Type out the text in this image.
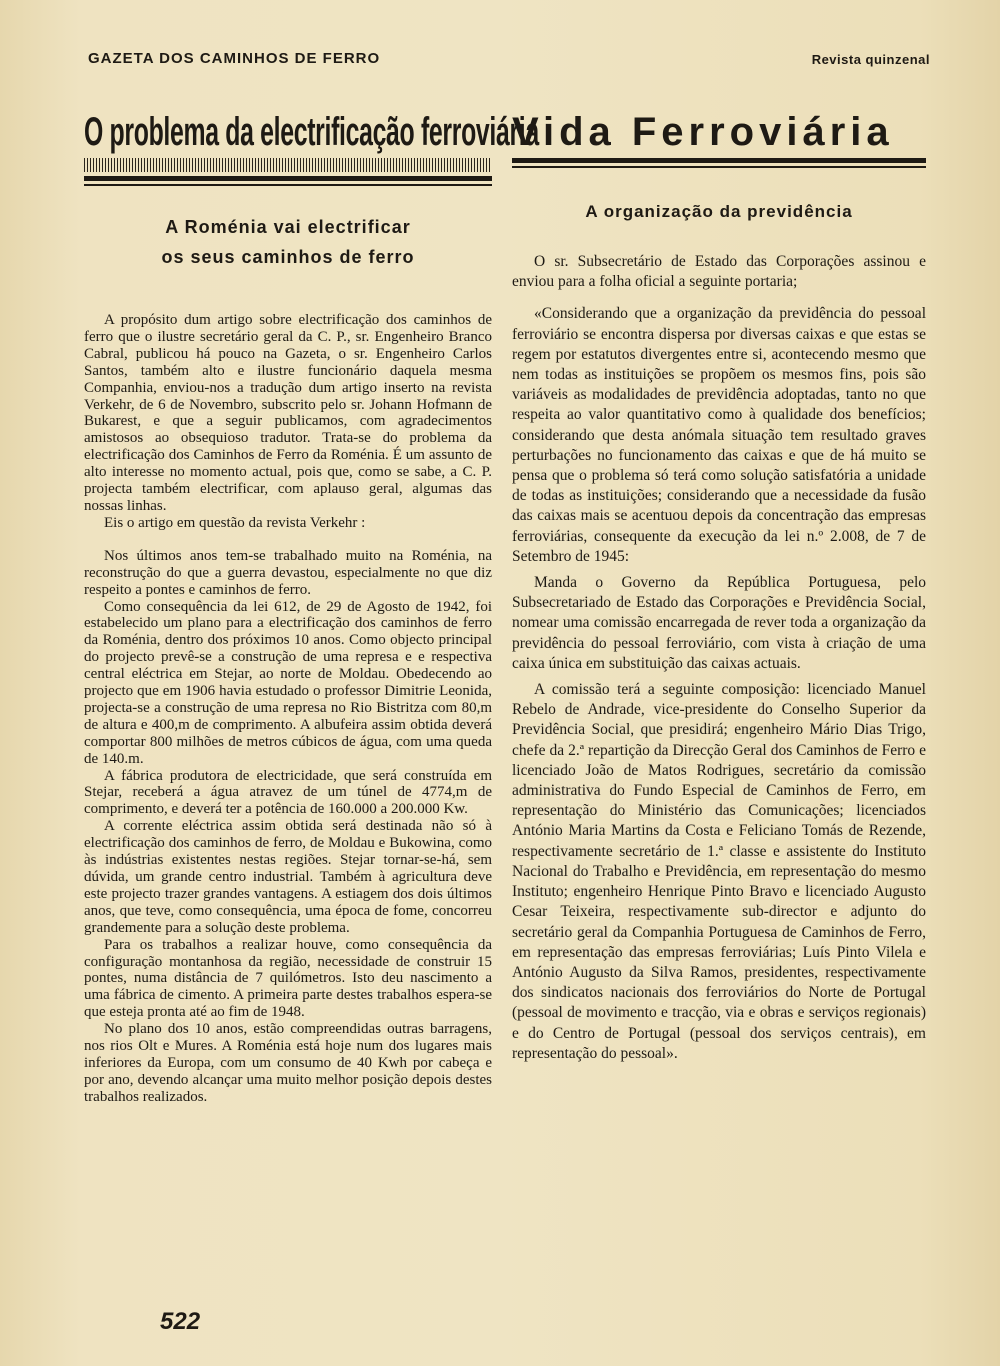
GAZETA DOS CAMINHOS DE FERRO	Revista quinzenal
O problema da electrificação ferroviária
A Roménia vai electrificar
os seus caminhos de ferro

A propósito dum artigo sobre electrificação dos caminhos de ferro que o ilustre secretário geral da C. P., sr. Engenheiro Branco Cabral, publicou há pouco na Gazeta, o sr. Engenheiro Carlos Santos, também alto e ilustre funcionário daquela mesma Companhia, enviou-nos a tradução dum artigo inserto na revista Verkehr, de 6 de Novembro, subscrito pelo sr. Johann Hofmann de Bukarest, e que a seguir publicamos, com agradecimentos amistosos ao obsequioso tradutor. Trata-se do problema da electrificação dos Caminhos de Ferro da Roménia. É um assunto de alto interesse no momento actual, pois que, como se sabe, a C. P. projecta também electrificar, com aplauso geral, algumas das nossas linhas.

Eis o artigo em questão da revista Verkehr :

Nos últimos anos tem-se trabalhado muito na Roménia, na reconstrução do que a guerra devastou, especialmente no que diz respeito a pontes e caminhos de ferro.

Como consequência da lei 612, de 29 de Agosto de 1942, foi estabelecido um plano para a electrificação dos caminhos de ferro da Roménia, dentro dos próximos 10 anos. Como objecto principal do projecto prevê-se a construção de uma represa e e respectiva central eléctrica em Stejar, ao norte de Moldau. Obedecendo ao projecto que em 1906 havia estudado o professor Dimitrie Leonida, projecta-se a construção de uma represa no Rio Bistritza com 80,m de altura e 400,m de comprimento. A albufeira assim obtida deverá comportar 800 milhões de metros cúbicos de água, com uma queda de 140.m.

A fábrica produtora de electricidade, que será construída em Stejar, receberá a água atravez de um túnel de 4774,m de comprimento, e deverá ter a potência de 160.000 a 200.000 Kw.

A corrente eléctrica assim obtida será destinada não só à electrificação dos caminhos de ferro, de Moldau e Bukowina, como às indústrias existentes nestas regiões. Stejar tornar-se-há, sem dúvida, um grande centro industrial. Também à agricultura deve este projecto trazer grandes vantagens. A estiagem dos dois últimos anos, que teve, como consequência, uma época de fome, concorreu grandemente para a solução deste problema.

Para os trabalhos a realizar houve, como consequência da configuração montanhosa da região, necessidade de construir 15 pontes, numa distância de 7 quilómetros. Isto deu nascimento a uma fábrica de cimento. A primeira parte destes trabalhos espera-se que esteja pronta até ao fim de 1948.

No plano dos 10 anos, estão compreendidas outras barragens, nos rios Olt e Mures. A Roménia está hoje num dos lugares mais inferiores da Europa, com um consumo de 40 Kwh por cabeça e por ano, devendo alcançar uma muito melhor posição depois destes trabalhos realizados.

Vida Ferroviária
A organização da previdência

O sr. Subsecretário de Estado das Corporações assinou e enviou para a folha oficial a seguinte portaria;

«Considerando que a organização da previdência do pessoal ferroviário se encontra dispersa por diversas caixas e que estas se regem por estatutos divergentes entre si, acontecendo mesmo que nem todas as instituições se propõem os mesmos fins, pois são variáveis as modalidades de previdência adoptadas, tanto no que respeita ao valor quantitativo como à qualidade dos benefícios; considerando que desta anómala situação tem resultado graves perturbações no funcionamento das caixas e que de há muito se pensa que o problema só terá como solução satisfatória a unidade de todas as instituições; considerando que a necessidade da fusão das caixas mais se acentuou depois da concentração das empresas ferroviárias, consequente da execução da lei n.º 2.008, de 7 de Setembro de 1945:

Manda o Governo da República Portuguesa, pelo Subsecretariado de Estado das Corporações e Previdência Social, nomear uma comissão encarregada de rever toda a organização da previdência do pessoal ferroviário, com vista à criação de uma caixa única em substituição das caixas actuais.

A comissão terá a seguinte composição: licenciado Manuel Rebelo de Andrade, vice-presidente do Conselho Superior da Previdência Social, que presidirá; engenheiro Mário Dias Trigo, chefe da 2.ª repartição da Direcção Geral dos Caminhos de Ferro e licenciado João de Matos Rodrigues, secretário da comissão administrativa do Fundo Especial de Caminhos de Ferro, em representação do Ministério das Comunicações; licenciados António Maria Martins da Costa e Feliciano Tomás de Rezende, respectivamente secretário de 1.ª classe e assistente do Instituto Nacional do Trabalho e Previdência, em representação do mesmo Instituto; engenheiro Henrique Pinto Bravo e licenciado Augusto Cesar Teixeira, respectivamente sub-director e adjunto do secretário geral da Companhia Portuguesa de Caminhos de Ferro, em representação das empresas ferroviárias; Luís Pinto Vilela e António Augusto da Silva Ramos, presidentes, respectivamente dos sindicatos nacionais dos ferroviários do Norte de Portugal (pessoal de movimento e tracção, via e obras e serviços regionais) e do Centro de Portugal (pessoal dos serviços centrais), em representação do pessoal».

522
